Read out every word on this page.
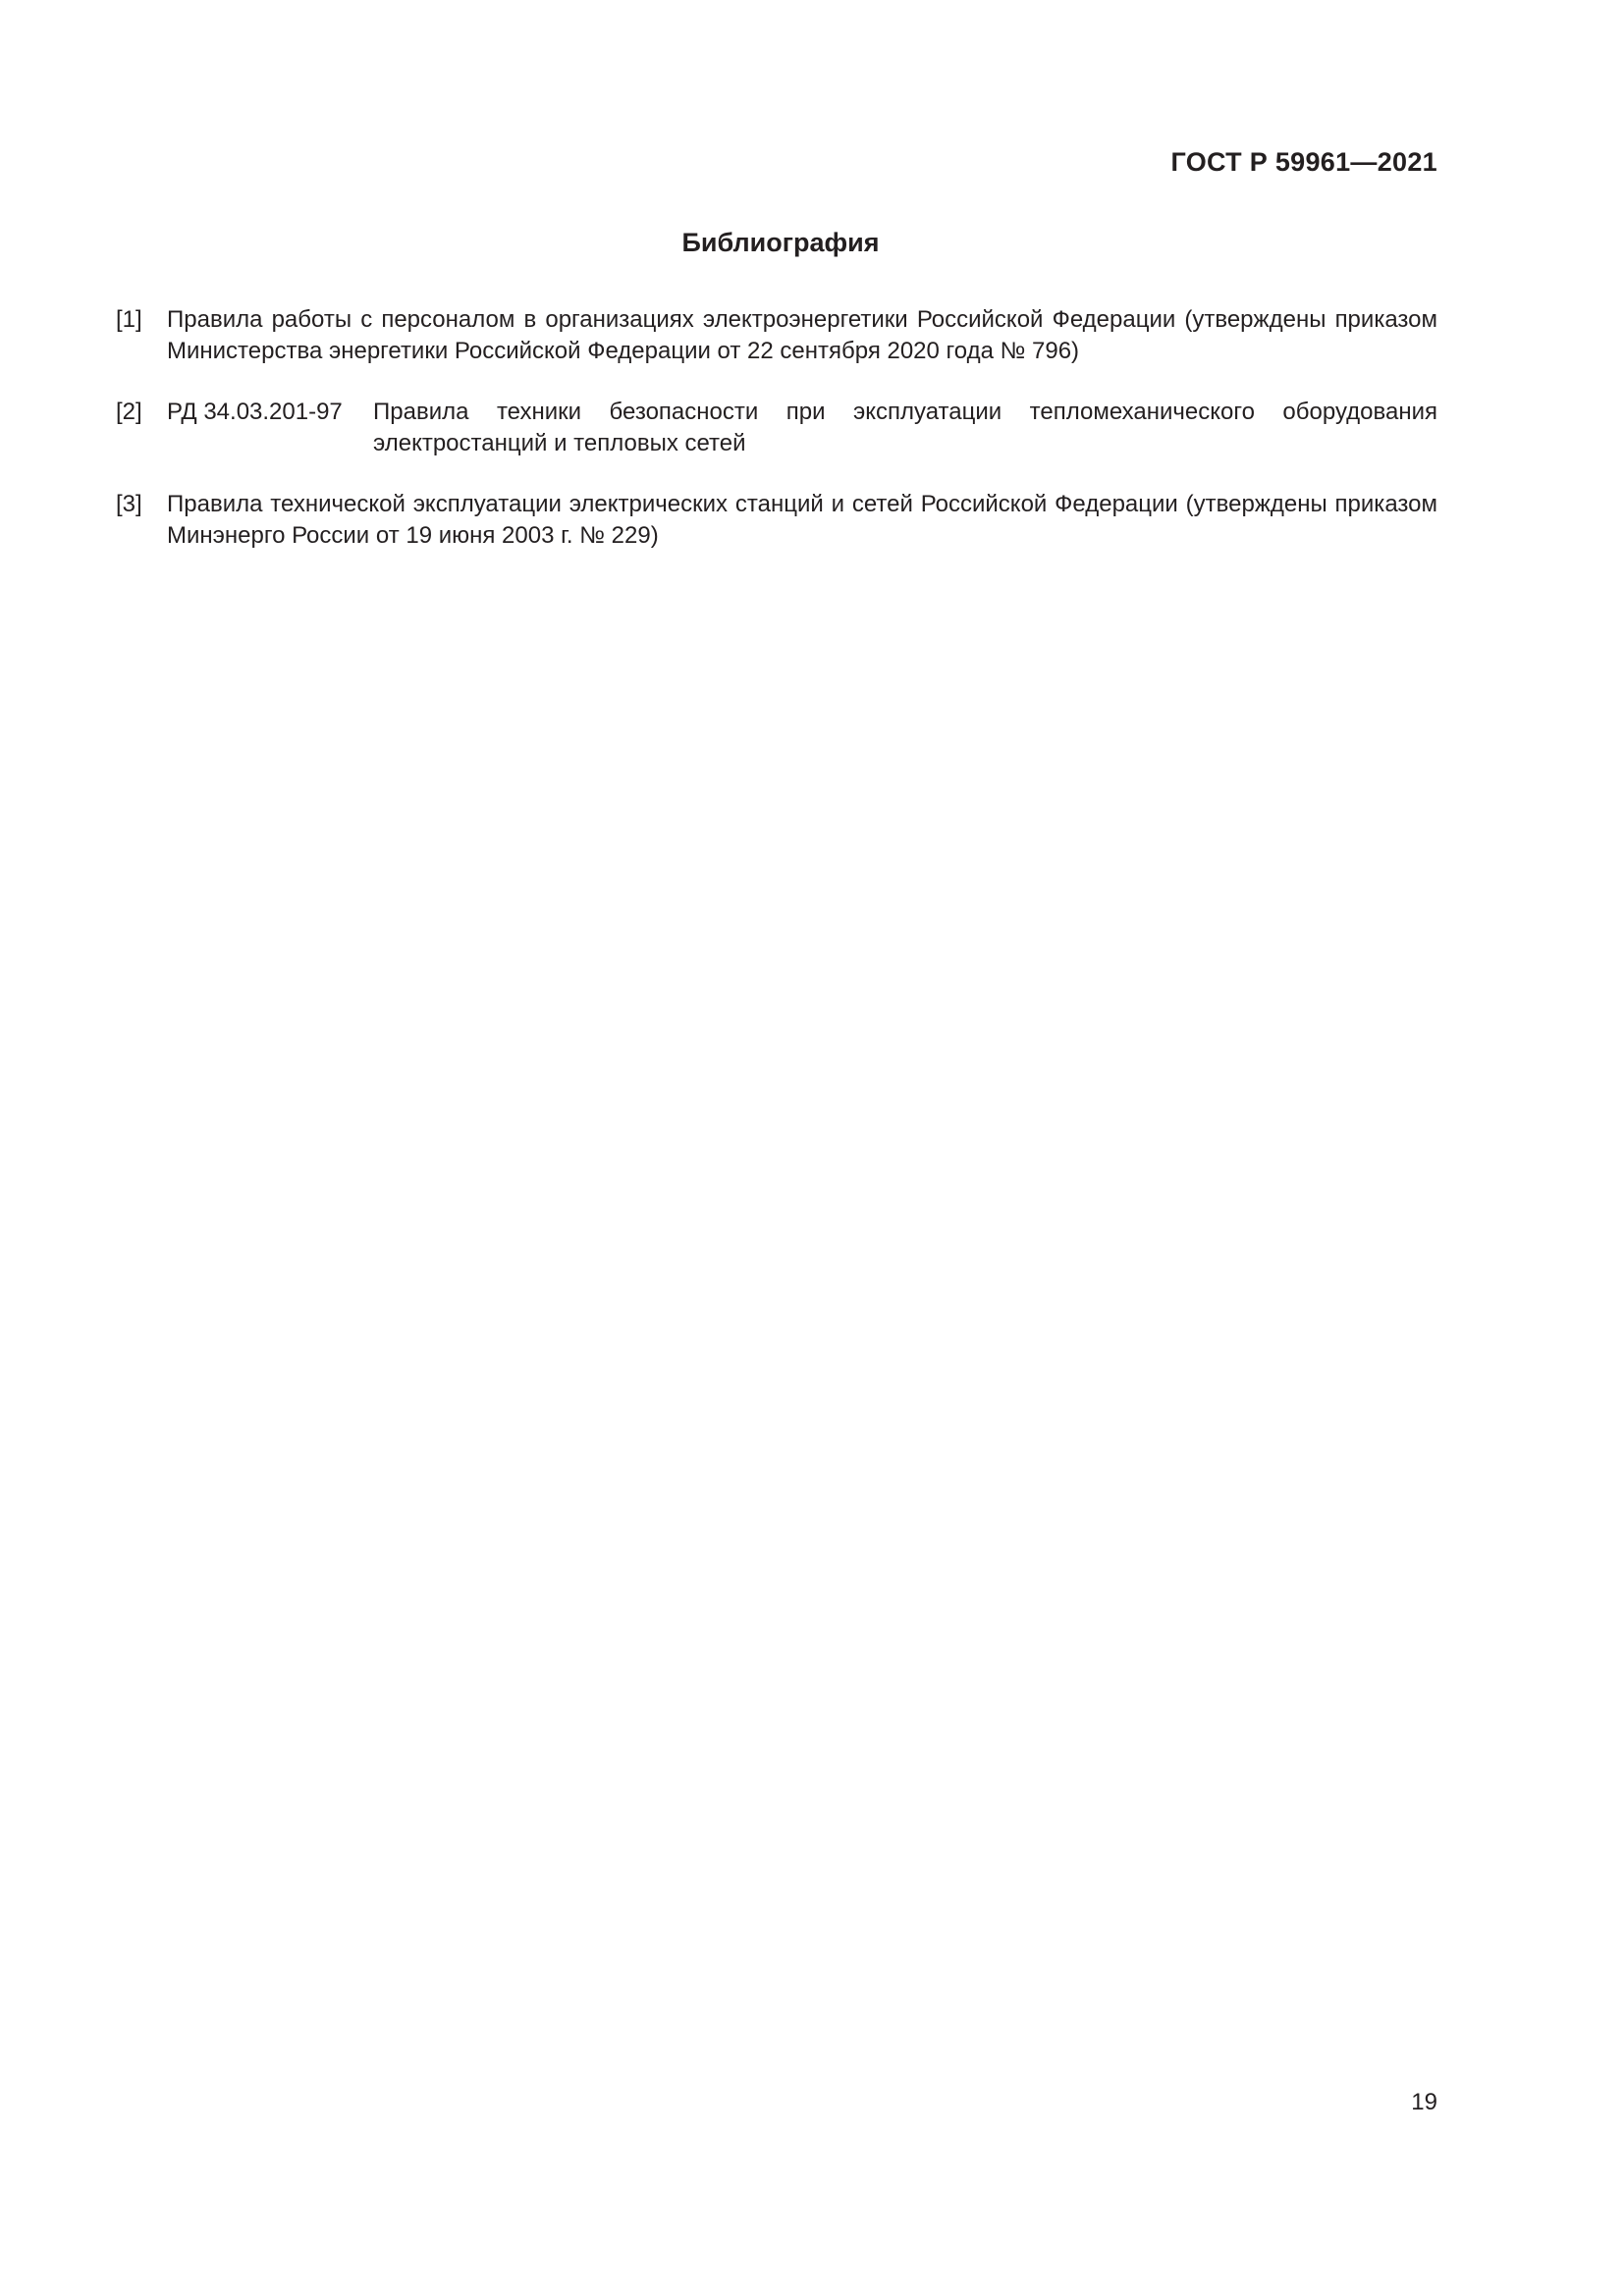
ГОСТ Р 59961—2021
Библиография
[1]	Правила работы с персоналом в организациях электроэнергетики Российской Федерации (утверждены приказом Министерства энергетики Российской Федерации от 22 сентября 2020 года № 796)
[2]	РД 34.03.201-97	Правила техники безопасности при эксплуатации тепломеханического оборудования электростанций и тепловых сетей
[3]	Правила технической эксплуатации электрических станций и сетей Российской Федерации (утверждены приказом Минэнерго России от 19 июня 2003 г. № 229)
19
